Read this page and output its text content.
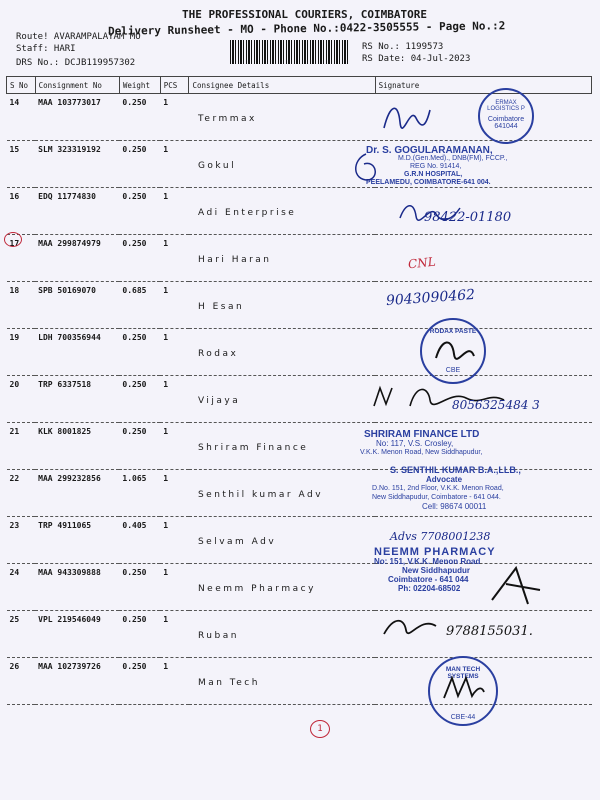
THE PROFESSIONAL COURIERS, COIMBATORE
Delivery Runsheet - MO - Phone No.:0422-3505555 - Page No.:2
Route! AVARAMPALAYAM MO
Staff: HARI
DRS No.: DCJB119957302
RS No.: 1199573
RS Date: 04-Jul-2023
S No	Consignment No	Weight	PCS	Consignee Details	Signature
14	MAA 103773017	0.250	1	Termmax	

15	SLM 323319192	0.250	1	Gokul	

16	EDQ 11774830	0.250	1	Adi Enterprise	

17	MAA 299874979	0.250	1	Hari Haran	

18	SPB 50169070	0.685	1	H Esan	

19	LDH 700356944	0.250	1	Rodax	

20	TRP 6337518	0.250	1	Vijaya	

21	KLK 8001825	0.250	1	Shriram Finance	

22	MAA 299232856	1.065	1	Senthil kumar Adv	

23	TRP 4911065	0.405	1	Selvam Adv	

24	MAA 943309888	0.250	1	Neemm Pharmacy	

25	VPL 219546049	0.250	1	Ruban	

26	MAA 102739726	0.250	1	Man Tech	

ERMAX LOGISTICS P
Coimbatore 641044
Dr. S. GOGULARAMANAN,
M.D.(Gen.Med)., DNB(FM), FCCP.,
REG No. 91414,
G.R.N HOSPITAL,
PEELAMEDU, COIMBATORE-641 004.
98422-01180
CNL
9043090462
RODAX PASTE
CBE
8056325484 3
SHRIRAM FINANCE LTD
No: 117, V.S. Crosley,
V.K.K. Menon Road, New Siddhapudur,
S. SENTHIL KUMAR B.A.,LLB.,
Advocate
D.No. 151, 2nd Floor, V.K.K. Menon Road,
New Siddhapudur, Coimbatore - 641 044.
Cell: 98674 00011
Advs 7708001238
NEEMM PHARMACY
No: 151, V.K.K. Menon Road
New Siddhapudur
Coimbatore - 641 044
Ph: 02204-68502
9788155031.
MAN TECH SYSTEMS
CBE-44
1
